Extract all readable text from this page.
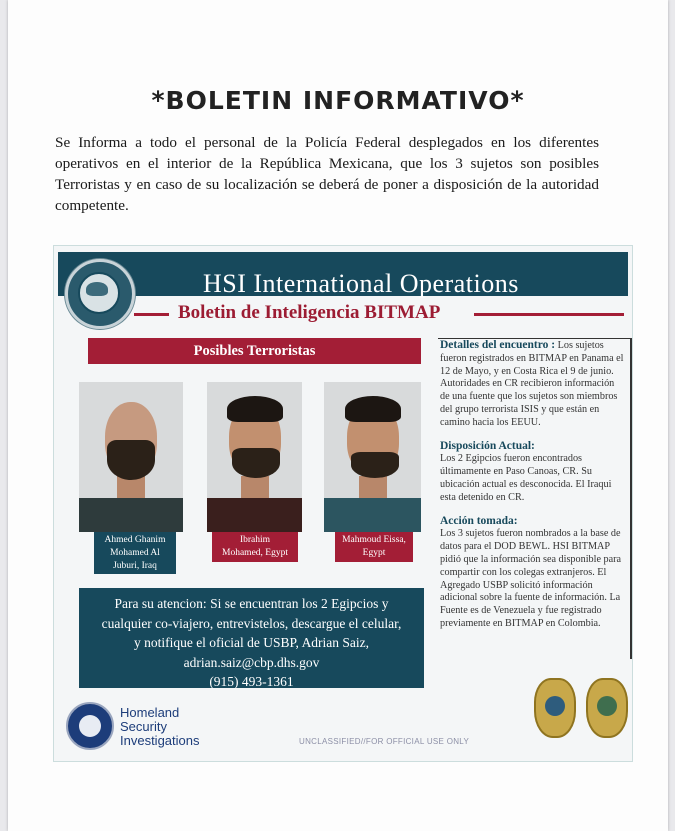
*BOLETIN INFORMATIVO*
Se Informa a todo el personal de la Policía Federal desplegados en los diferentes operativos en el interior de la República Mexicana, que los 3 sujetos son posibles Terroristas y en caso de su localización se deberá de poner a disposición de la autoridad competente.
HSI International Operations
Boletin de Inteligencia BITMAP
Posibles Terroristas
Ahmed Ghanim
Mohamed Al
Juburi, Iraq
Ibrahim
Mohamed, Egypt
Mahmoud Eissa,
Egypt
Para su atencion: Si se encuentran los 2 Egipcios y
cualquier co-viajero, entrevistelos, descargue el celular,
y notifique el oficial de USBP, Adrian Saiz,
adrian.saiz@cbp.dhs.gov
(915) 493-1361

Detalles del encuentro : Los sujetos fueron registrados en BITMAP en Panama el 12 de Mayo, y en Costa Rica el 9 de junio. Autoridades en CR recibieron información de una fuente que los sujetos son miembros del grupo terrorista ISIS y que están en camino hacia los EEUU.

Disposición Actual:
Los 2 Egipcios fueron encontrados últimamente en Paso Canoas, CR. Su ubicación actual es desconocida. El Iraqui esta detenido en CR.

Acción tomada:
Los 3 sujetos fueron nombrados a la base de datos para el DOD BEWL. HSI BITMAP pidió que la información sea disponible para compartir con los colegas extranjeros. El Agregado USBP solicitó información adicional sobre la fuente de información. La Fuente es de Venezuela y fue registrado previamente en BITMAP en Colombia.

Homeland
Security
Investigations	UNCLASSIFIED//FOR OFFICIAL USE ONLY
